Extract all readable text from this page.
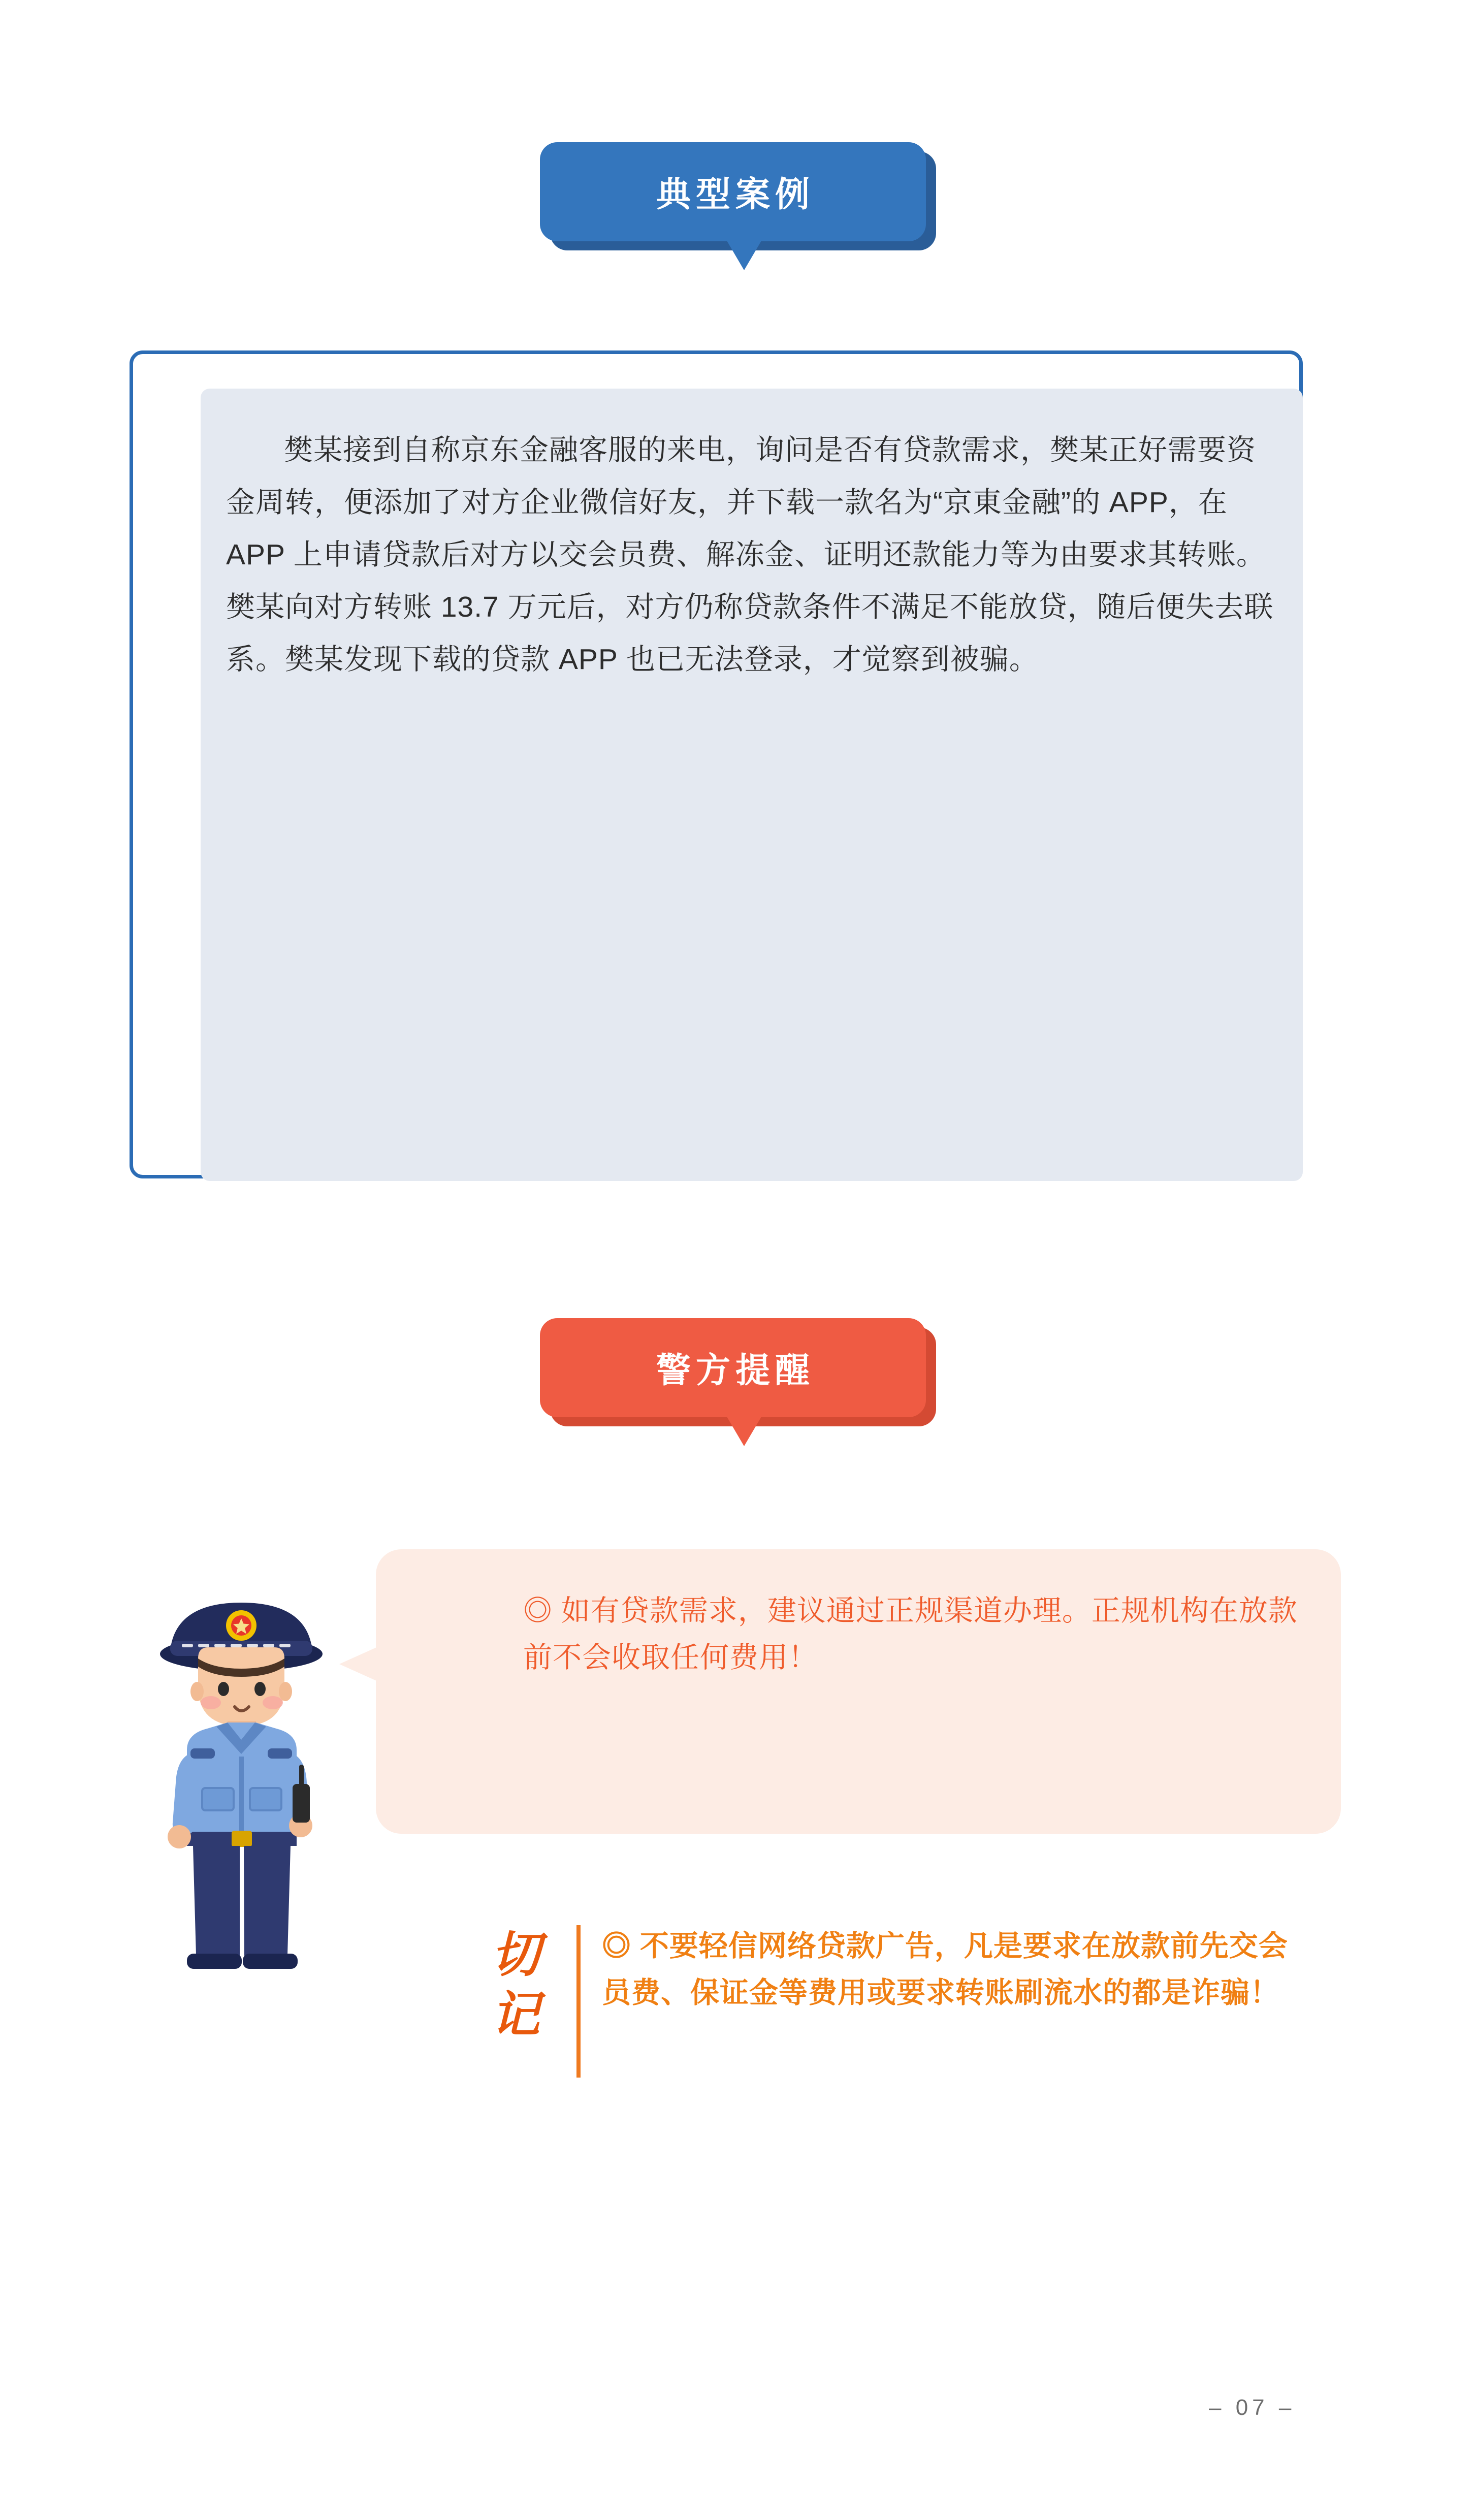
典型案例
樊某接到自称京东金融客服的来电，询问是否有贷款需求，樊某正好需要资金周转，便添加了对方企业微信好友，并下载一款名为“京東金融”的 APP，在 APP 上申请贷款后对方以交会员费、解冻金、证明还款能力等为由要求其转账。樊某向对方转账 13.7 万元后，对方仍称贷款条件不满足不能放贷，随后便失去联系。樊某发现下载的贷款 APP 也已无法登录，才觉察到被骗。
警方提醒
◎ 如有贷款需求，建议通过正规渠道办理。正规机构在放款前不会收取任何费用！
切记
◎ 不要轻信网络贷款广告，凡是要求在放款前先交会员费、保证金等费用或要求转账刷流水的都是诈骗！
– 07 –
